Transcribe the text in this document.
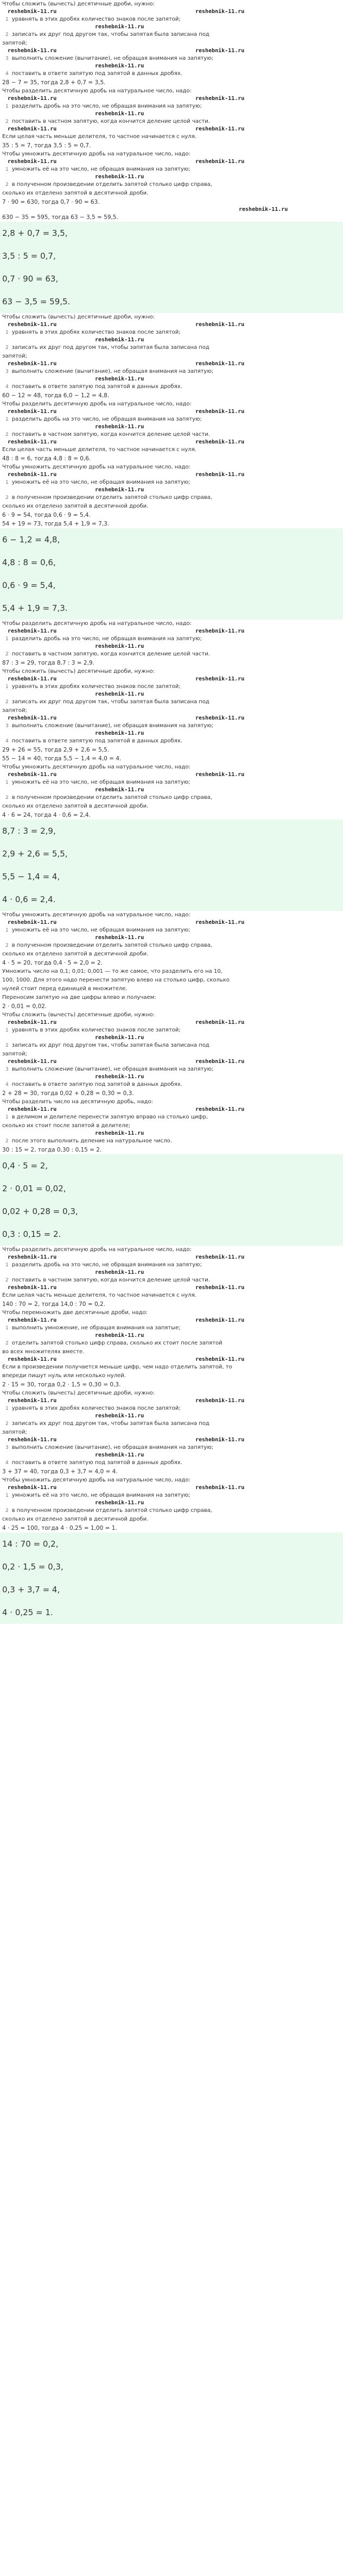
Чтобы сложить (вычесть) десятичные дроби, нужно:
reshebnik-11.ru	reshebnik-11.ru
1 уравнять в этих дробях количество знаков после запятой;
reshebnik-11.ru
2 записать их друг под другом так, чтобы запятая была записана под
запятой;
reshebnik-11.ru	reshebnik-11.ru
3 выполнить сложение (вычитание), не обращая внимания на запятую;
reshebnik-11.ru
4 поставить в ответе запятую под запятой в данных дробях.
28 − 7 = 35, тогда 2,8 + 0,7 = 3,5.
Чтобы разделить десятичную дробь на натуральное число, надо:
reshebnik-11.ru	reshebnik-11.ru
1 разделить дробь на это число, не обращая внимания на запятую;
reshebnik-11.ru
2 поставить в частном запятую, когда кончится деление целой части.
reshebnik-11.ru	reshebnik-11.ru
Если целая часть меньше делителя, то частное начинается с нуля.
35 : 5 = 7, тогда 3,5 : 5 = 0,7.
Чтобы умножить десятичную дробь на натуральное число, надо:
reshebnik-11.ru	reshebnik-11.ru
1 умножить её на это число, не обращая внимания на запятую;
reshebnik-11.ru
2 в полученном произведении отделить запятой столько цифр справа,
сколько их отделено запятой в десятичной дроби.
7 · 90 = 630, тогда 0,7 · 90 = 63.
reshebnik-11.ru
630 − 35 = 595, тогда 63 − 3,5 = 59,5.
2,8 + 0,7 = 3,5,
3,5 : 5 = 0,7,
0,7 · 90 = 63,
63 − 3,5 = 59,5.
Чтобы сложить (вычесть) десятичные дроби, нужно:
reshebnik-11.ru	reshebnik-11.ru
1 уравнять в этих дробях количество знаков после запятой;
reshebnik-11.ru
2 записать их друг под другом так, чтобы запятая была записана под
запятой;
reshebnik-11.ru	reshebnik-11.ru
3 выполнить сложение (вычитание), не обращая внимания на запятую;
reshebnik-11.ru
4 поставить в ответе запятую под запятой в данных дробях.
60 − 12 = 48, тогда 6,0 − 1,2 = 4,8.
Чтобы разделить десятичную дробь на натуральное число, надо:
reshebnik-11.ru	reshebnik-11.ru
1 разделить дробь на это число, не обращая внимания на запятую;
reshebnik-11.ru
2 поставить в частном запятую, когда кончится деление целой части.
reshebnik-11.ru	reshebnik-11.ru
Если целая часть меньше делителя, то частное начинается с нуля.
48 : 8 = 6, тогда 4,8 : 8 = 0,6.
Чтобы умножить десятичную дробь на натуральное число, надо:
reshebnik-11.ru	reshebnik-11.ru
1 умножить её на это число, не обращая внимания на запятую;
reshebnik-11.ru
2 в полученном произведении отделить запятой столько цифр справа,
сколько их отделено запятой в десятичной дроби.
6 · 9 = 54, тогда 0,6 · 9 = 5,4.
54 + 19 = 73, тогда 5,4 + 1,9 = 7,3.
6 − 1,2 = 4,8,
4,8 : 8 = 0,6,
0,6 · 9 = 5,4,
5,4 + 1,9 = 7,3.
Чтобы разделить десятичную дробь на натуральное число, надо:
reshebnik-11.ru	reshebnik-11.ru
1 разделить дробь на это число, не обращая внимания на запятую;
reshebnik-11.ru
2 поставить в частном запятую, когда кончится деление целой части.
87 : 3 = 29, тогда 8,7 : 3 = 2,9.
Чтобы сложить (вычесть) десятичные дроби, нужно:
reshebnik-11.ru	reshebnik-11.ru
1 уравнять в этих дробях количество знаков после запятой;
reshebnik-11.ru
2 записать их друг под другом так, чтобы запятая была записана под
запятой;
reshebnik-11.ru	reshebnik-11.ru
3 выполнить сложение (вычитание), не обращая внимания на запятую;
reshebnik-11.ru
4 поставить в ответе запятую под запятой в данных дробях.
29 + 26 = 55, тогда 2,9 + 2,6 = 5,5.
55 − 14 = 40, тогда 5,5 − 1,4 = 4,0 = 4.
Чтобы умножить десятичную дробь на натуральное число, надо:
reshebnik-11.ru	reshebnik-11.ru
1 умножить её на это число, не обращая внимания на запятую;
reshebnik-11.ru
2 в полученном произведении отделить запятой столько цифр справа,
сколько их отделено запятой в десятичной дроби.
4 · 6 = 24, тогда 4 · 0,6 = 2,4.
8,7 : 3 = 2,9,
2,9 + 2,6 = 5,5,
5,5 − 1,4 = 4,
4 · 0,6 = 2,4.
Чтобы умножить десятичную дробь на натуральное число, надо:
reshebnik-11.ru	reshebnik-11.ru
1 умножить её на это число, не обращая внимания на запятую;
reshebnik-11.ru
2 в полученном произведении отделить запятой столько цифр справа,
сколько их отделено запятой в десятичной дроби.
4 · 5 = 20, тогда 0,4 · 5 = 2,0 = 2.
Умножить число на 0,1; 0,01; 0,001 — то же самое, что разделить его на 10,
100, 1000. Для этого надо перенести запятую влево на столько цифр, сколько
нулей стоит перед единицей в множителе.
Переносим запятую на две цифры влево и получаем:
2 · 0,01 = 0,02.
Чтобы сложить (вычесть) десятичные дроби, нужно:
reshebnik-11.ru	reshebnik-11.ru
1 уравнять в этих дробях количество знаков после запятой;
reshebnik-11.ru
2 записать их друг под другом так, чтобы запятая была записана под
запятой;
reshebnik-11.ru	reshebnik-11.ru
3 выполнить сложение (вычитание), не обращая внимания на запятую;
reshebnik-11.ru
4 поставить в ответе запятую под запятой в данных дробях.
2 + 28 = 30, тогда 0,02 + 0,28 = 0,30 = 0,3.
Чтобы разделить число на десятичную дробь, надо:
reshebnik-11.ru	reshebnik-11.ru
1 в делимом и делителе перенести запятую вправо на столько цифр,
сколько их стоит после запятой в делителе;
reshebnik-11.ru
2 после этого выполнить деление на натуральное число.
30 : 15 = 2, тогда 0,30 : 0,15 = 2.
0,4 · 5 = 2,
2 · 0,01 = 0,02,
0,02 + 0,28 = 0,3,
0,3 : 0,15 = 2.
Чтобы разделить десятичную дробь на натуральное число, надо:
reshebnik-11.ru	reshebnik-11.ru
1 разделить дробь на это число, не обращая внимания на запятую;
reshebnik-11.ru
2 поставить в частном запятую, когда кончится деление целой части.
reshebnik-11.ru	reshebnik-11.ru
Если целая часть меньше делителя, то частное начинается с нуля.
140 : 70 = 2, тогда 14,0 : 70 = 0,2.
Чтобы перемножить две десятичные дроби, надо:
reshebnik-11.ru	reshebnik-11.ru
1 выполнить умножение, не обращая внимания на запятые;
reshebnik-11.ru
2 отделить запятой столько цифр справа, сколько их стоит после запятой
во всех множителях вместе.
reshebnik-11.ru	reshebnik-11.ru
Если в произведении получается меньше цифр, чем надо отделить запятой, то
впереди пишут нуль или несколько нулей.
2 · 15 = 30, тогда 0,2 · 1,5 = 0,30 = 0,3.
Чтобы сложить (вычесть) десятичные дроби, нужно:
reshebnik-11.ru	reshebnik-11.ru
1 уравнять в этих дробях количество знаков после запятой;
reshebnik-11.ru
2 записать их друг под другом так, чтобы запятая была записана под
запятой;
reshebnik-11.ru	reshebnik-11.ru
3 выполнить сложение (вычитание), не обращая внимания на запятую;
reshebnik-11.ru
4 поставить в ответе запятую под запятой в данных дробях.
3 + 37 = 40, тогда 0,3 + 3,7 = 4,0 = 4.
Чтобы умножить десятичную дробь на натуральное число, надо:
reshebnik-11.ru	reshebnik-11.ru
1 умножить её на это число, не обращая внимания на запятую;
reshebnik-11.ru
2 в полученном произведении отделить запятой столько цифр справа,
сколько их отделено запятой в десятичной дроби.
4 · 25 = 100, тогда 4 · 0,25 = 1,00 = 1.
14 : 70 = 0,2,
0,2 · 1,5 = 0,3,
0,3 + 3,7 = 4,
4 · 0,25 = 1.
